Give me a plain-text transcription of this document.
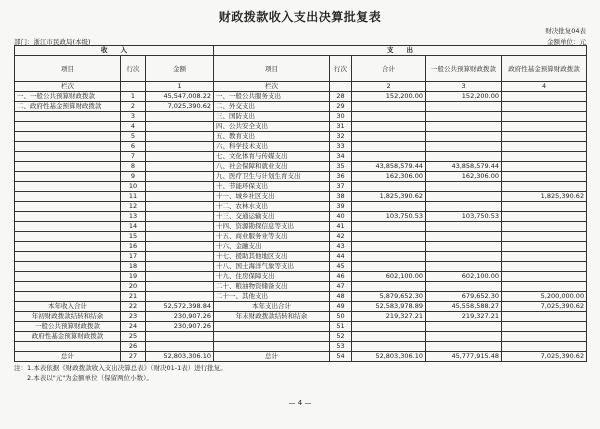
财政拨款收入支出决算批复表
财决批复04表
部门：浙江市民政局(本级)	金额单位：元
收　　入			支　　出				
项目	行次	金额	项目	行次	合计	一般公共预算财政拨款	政府性基金预算财政拨款
栏次		1	栏次		2	3	4
一、一般公共预算财政拨款	1	45,547,008.22	一、一般公共服务支出	28	152,200.00	152,200.00	
二、政府性基金预算财政拨款	2	7,025,390.62	二、外交支出	29			
	3		三、国防支出	30			
	4		四、公共安全支出	31			
	5		五、教育支出	32			
	6		六、科学技术支出	33			
	7		七、文化体育与传媒支出	34			
	8		八、社会保障和就业支出	35	43,858,579.44	43,858,579.44	
	9		九、医疗卫生与计划生育支出	36	162,306.00	162,306.00	
	10		十、节能环保支出	37			
	11		十一、城乡社区支出	38	1,825,390.62		1,825,390.62
	12		十二、农林水支出	39			
	13		十三、交通运输支出	40	103,750.53	103,750.53	
	14		十四、资源勘探信息等支出	41			
	15		十五、商业服务业等支出	42			
	16		十六、金融支出	43			
	17		十七、援助其他地区支出	44			
	18		十八、国土海洋气象等支出	45			
	19		十九、住房保障支出	46	602,100.00	602,100.00	
	20		二十、粮油物资储备支出	47			
	21		二十一、其他支出	48	5,879,652.30	679,652.30	5,200,000.00
本年收入合计	22	52,572,398.84	本年支出合计	49	52,583,978.89	45,558,588.27	7,025,390.62
年初财政拨款结转和结余	23	230,907.26	年末财政拨款结转和结余	50	219,327.21	219,327.21	
一般公共预算财政拨款	24	230,907.26		51			
政府性基金预算财政拨款	25			52			
	26			53			
总计	27	52,803,306.10	总计	54	52,803,306.10	45,777,915.48	7,025,390.62
注：1.本表依据《财政拨款收入支出决算总表》（财决01-1表）进行批复。
　　2.本表以"元"为金额单位（保留两位小数）。
— 4 —
